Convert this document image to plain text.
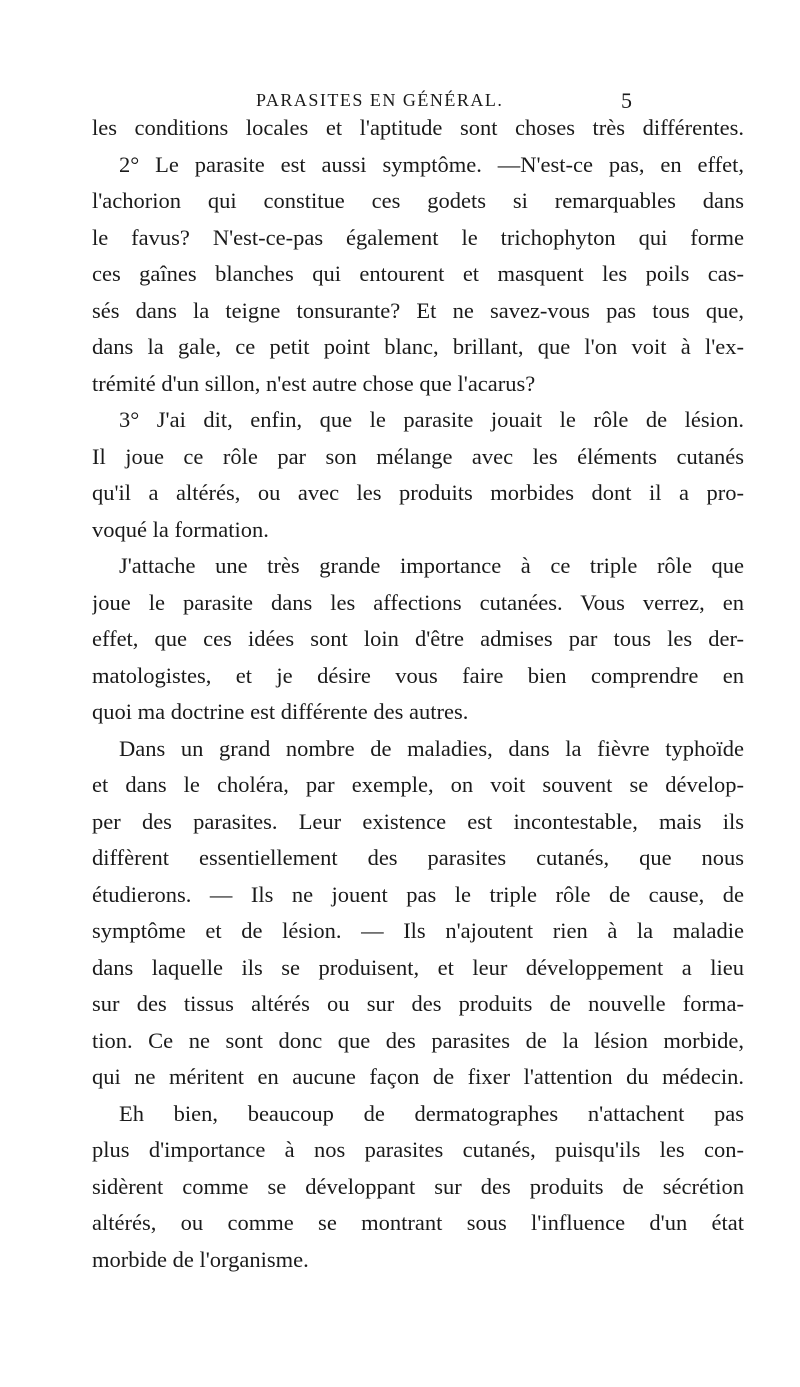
PARASITES EN GÉNÉRAL.	5
les conditions locales et l'aptitude sont choses très différentes.
2° Le parasite est aussi symptôme. —N'est-ce pas, en effet,
l'achorion qui constitue ces godets si remarquables dans
le favus? N'est-ce-pas également le trichophyton qui forme
ces gaînes blanches qui entourent et masquent les poils cas-
sés dans la teigne tonsurante? Et ne savez-vous pas tous que,
dans la gale, ce petit point blanc, brillant, que l'on voit à l'ex-
trémité d'un sillon, n'est autre chose que l'acarus?
3° J'ai dit, enfin, que le parasite jouait le rôle de lésion.
Il joue ce rôle par son mélange avec les éléments cutanés
qu'il a altérés, ou avec les produits morbides dont il a pro-
voqué la formation.
J'attache une très grande importance à ce triple rôle que
joue le parasite dans les affections cutanées. Vous verrez, en
effet, que ces idées sont loin d'être admises par tous les der-
matologistes, et je désire vous faire bien comprendre en
quoi ma doctrine est différente des autres.
Dans un grand nombre de maladies, dans la fièvre typhoïde
et dans le choléra, par exemple, on voit souvent se dévelop-
per des parasites. Leur existence est incontestable, mais ils
diffèrent essentiellement des parasites cutanés, que nous
étudierons. — Ils ne jouent pas le triple rôle de cause, de
symptôme et de lésion. — Ils n'ajoutent rien à la maladie
dans laquelle ils se produisent, et leur développement a lieu
sur des tissus altérés ou sur des produits de nouvelle forma-
tion. Ce ne sont donc que des parasites de la lésion morbide,
qui ne méritent en aucune façon de fixer l'attention du médecin.
Eh bien, beaucoup de dermatographes n'attachent pas
plus d'importance à nos parasites cutanés, puisqu'ils les con-
sidèrent comme se développant sur des produits de sécrétion
altérés, ou comme se montrant sous l'influence d'un état
morbide de l'organisme.
